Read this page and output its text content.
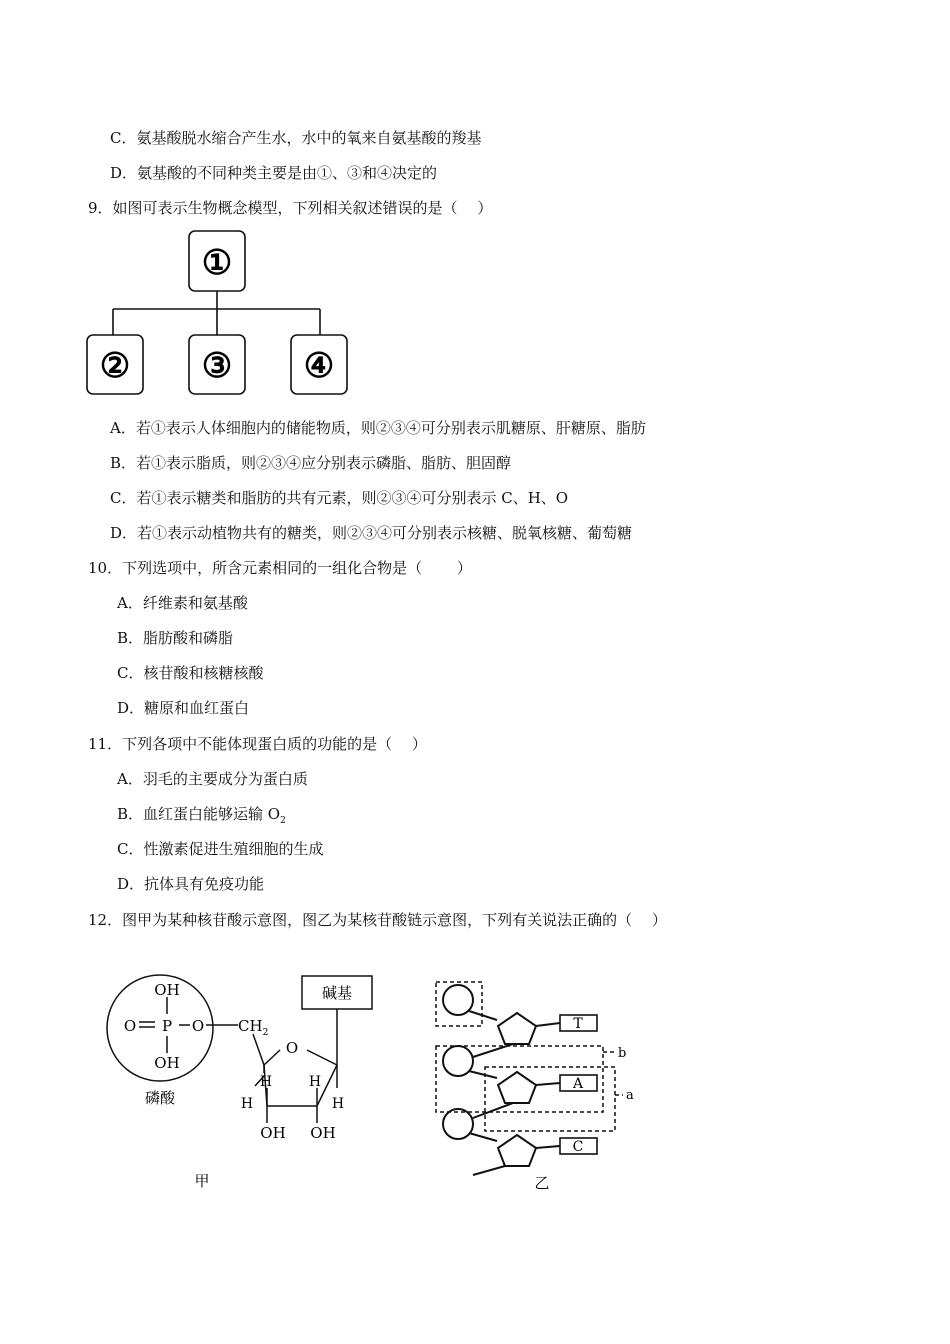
C．氨基酸脱水缩合产生水，水中的氧来自氨基酸的羧基
D．氨基酸的不同种类主要是由①、③和④决定的
9．如图可表示生物概念模型，下列相关叙述错误的是（　 ）
①
② ③ ④
A．若①表示人体细胞内的储能物质，则②③④可分别表示肌糖原、肝糖原、脂肪
B．若①表示脂质，则②③④应分别表示磷脂、脂肪、胆固醇
C．若①表示糖类和脂肪的共有元素，则②③④可分别表示 C、H、O
D．若①表示动植物共有的糖类，则②③④可分别表示核糖、脱氧核糖、葡萄糖
10．下列选项中，所含元素相同的一组化合物是（　　 ）
A．纤维素和氨基酸
B．脂肪酸和磷脂
C．核苷酸和核糖核酸
D．糖原和血红蛋白
11．下列各项中不能体现蛋白质的功能的是（　 ）
A．羽毛的主要成分为蛋白质
B．血红蛋白能够运输 $O_2$
C．性激素促进生殖细胞的生成
D．抗体具有免疫功能
12．图甲为某种核苷酸示意图，图乙为某核苷酸链示意图，下列有关说法正确的（　 ）
OH
O P O
OH
磷酸
$CH_2$
O
碱基
H
H
H
H
OH OH
甲
T
A
C
b
a
乙
